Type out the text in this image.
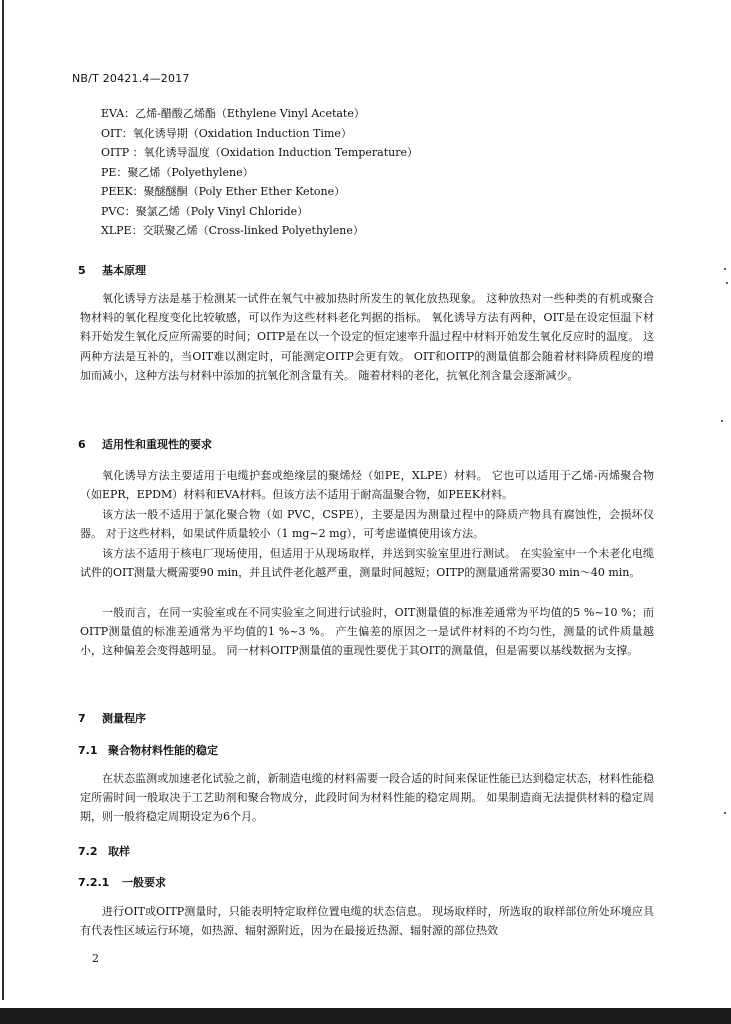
NB/T 20421.4—2017
EVA：乙烯-醋酸乙烯酯（Ethylene Vinyl Acetate）
OIT：氧化诱导期（Oxidation Induction Time）
OITP ：氧化诱导温度（Oxidation Induction Temperature）
PE：聚乙烯（Polyethylene）
PEEK：聚醚醚酮（Poly Ether Ether Ketone）
PVC：聚氯乙烯（Poly Vinyl Chloride）
XLPE：交联聚乙烯（Cross-linked Polyethylene）
5 基本原理

氧化诱导方法是基于检测某一试件在氧气中被加热时所发生的氧化放热现象。 这种放热对一些种类的有机或聚合物材料的氧化程度变化比较敏感，可以作为这些材料老化判据的指标。 氧化诱导方法有两种，OIT是在设定恒温下材料开始发生氧化反应所需要的时间；OITP是在以一个设定的恒定速率升温过程中材料开始发生氧化反应时的温度。 这两种方法是互补的，当OIT难以测定时，可能测定OITP会更有效。 OIT和OITP的测量值都会随着材料降质程度的增加而减小，这种方法与材料中添加的抗氧化剂含量有关。 随着材料的老化，抗氧化剂含量会逐渐减少。

6 适用性和重现性的要求

氧化诱导方法主要适用于电缆护套或绝缘层的聚烯烃（如PE，XLPE）材料。 它也可以适用于乙烯-丙烯聚合物（如EPR，EPDM）材料和EVA材料。但该方法不适用于耐高温聚合物，如PEEK材料。

该方法一般不适用于氯化聚合物（如 PVC，CSPE），主要是因为测量过程中的降质产物具有腐蚀性，会损坏仪器。 对于这些材料，如果试件质量较小（1 mg~2 mg），可考虑谨慎使用该方法。

该方法不适用于核电厂现场使用，但适用于从现场取样，并送到实验室里进行测试。 在实验室中一个未老化电缆试件的OIT测量大概需要90 min，并且试件老化越严重，测量时间越短；OITP的测量通常需要30 min～40 min。

一般而言，在同一实验室或在不同实验室之间进行试验时，OIT测量值的标准差通常为平均值的5 %~10 %；而OITP测量值的标准差通常为平均值的1 %~3 %。 产生偏差的原因之一是试件材料的不均匀性，测量的试件质量越小，这种偏差会变得越明显。 同一材料OITP测量值的重现性要优于其OIT的测量值，但是需要以基线数据为支撑。

7 测量程序
7.1 聚合物材料性能的稳定

在状态监测或加速老化试验之前，新制造电缆的材料需要一段合适的时间来保证性能已达到稳定状态，材料性能稳定所需时间一般取决于工艺助剂和聚合物成分，此段时间为材料性能的稳定周期。 如果制造商无法提供材料的稳定周期，则一般将稳定周期设定为6个月。

7.2 取样
7.2.1 一般要求

进行OIT或OITP测量时，只能表明特定取样位置电缆的状态信息。 现场取样时，所选取的取样部位所处环境应具有代表性区域运行环境，如热源、辐射源附近，因为在最接近热源、辐射源的部位热效

2
